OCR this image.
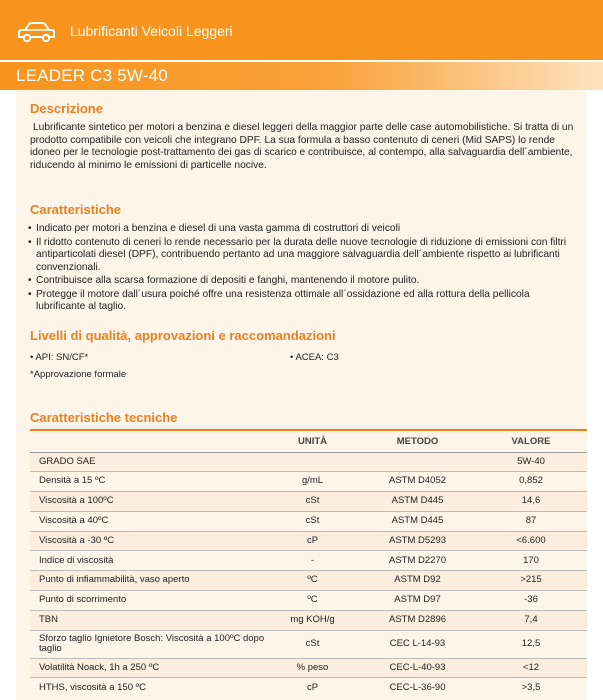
Lubrificanti Veicoli Leggeri
LEADER C3 5W-40
Descrizione

Lubrificante sintetico per motori a benzina e diesel leggeri della maggior parte delle case automobilistiche. Si tratta di un prodotto compatibile con veicoli che integrano DPF. La sua formula a basso contenuto di ceneri (Mid SAPS) lo rende idoneo per le tecnologie post-trattamento dei gas di scarico e contribuisce, al contempo, alla salvaguardia dell´ambiente, riducendo al minimo le emissioni di particelle nocive.

Caratteristiche
• Indicato per motori a benzina e diesel di una vasta gamma di costruttori di veicoli
• Il ridotto contenuto di ceneri lo rende necessario per la durata delle nuove tecnologie di riduzione di emissioni con filtri antiparticolati diesel (DPF), contribuendo pertanto ad una maggiore salvaguardia dell´ambiente rispetto ai lubrificanti convenzionali.
• Contribuisce alla scarsa formazione di depositi e fanghi, mantenendo il motore pulito.
• Protegge il motore dall´usura poiché offre una resistenza ottimale all´ossidazione ed alla rottura della pellicola lubrificante al taglio.
Livelli di qualità, approvazioni e raccomandazioni
• API: SN/CF*	• ACEA: C3
*Approvazione formale
Caratteristiche tecniche
	UNITÀ	METODO	VALORE
GRADO SAE			5W-40
Densità a 15 ºC	g/mL	ASTM D4052	0,852
Viscosità a 100ºC	cSt	ASTM D445	14,6
Viscosità a 40ºC	cSt	ASTM D445	87
Viscosità a -30 ºC	cP	ASTM D5293	<6.600
Indice di viscosità	-	ASTM D2270	170
Punto di infiammabilità, vaso aperto	ºC	ASTM D92	>215
Punto di scorrimento	ºC	ASTM D97	-36
TBN	mg KOH/g	ASTM D2896	7,4
Sforzo taglio Ignietore Bosch: Viscosità a 100ºC dopo taglio	cSt	CEC L-14-93	12,5
Volatilità Noack, 1h a 250 ºC	% peso	CEC-L-40-93	<12
HTHS, viscosità a 150 ºC	cP	CEC-L-36-90	>3,5
